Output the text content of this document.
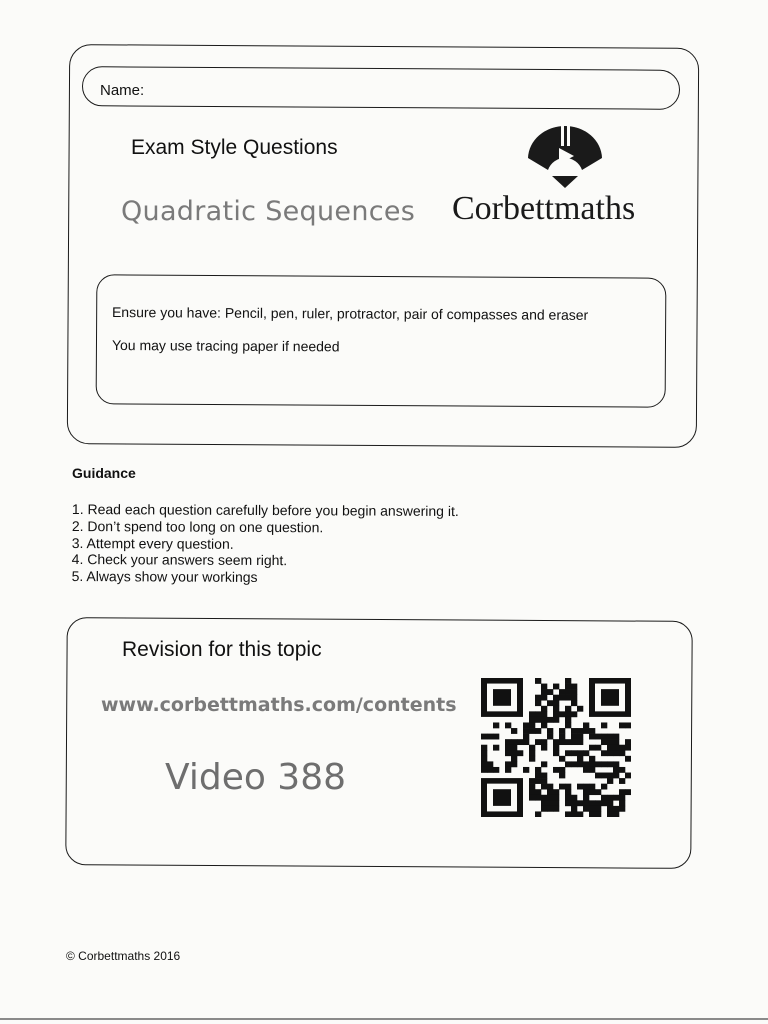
Name:
Exam Style Questions
Quadratic Sequences Corbettmaths
Ensure you have: Pencil, pen, ruler, protractor, pair of compasses and eraser
You may use tracing paper if needed
Guidance
1. Read each question carefully before you begin answering it.
2. Don’t spend too long on one question.
3. Attempt every question.
4. Check your answers seem right.
5. Always show your workings
Revision for this topic
www.corbettmaths.com/contents
Video 388
© Corbettmaths 2016
